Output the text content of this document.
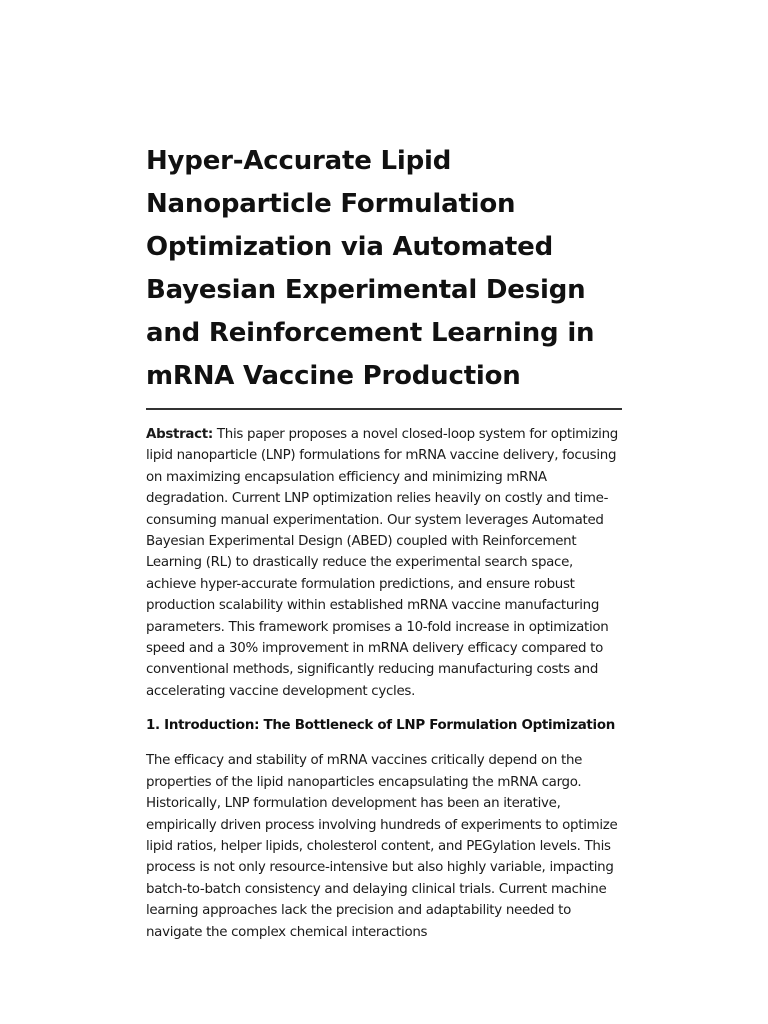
Hyper-Accurate Lipid Nanoparticle Formulation Optimization via Automated Bayesian Experimental Design and Reinforcement Learning in mRNA Vaccine Production

Abstract: This paper proposes a novel closed-loop system for optimizing lipid nanoparticle (LNP) formulations for mRNA vaccine delivery, focusing on maximizing encapsulation efficiency and minimizing mRNA degradation. Current LNP optimization relies heavily on costly and time-consuming manual experimentation. Our system leverages Automated Bayesian Experimental Design (ABED) coupled with Reinforcement Learning (RL) to drastically reduce the experimental search space, achieve hyper-accurate formulation predictions, and ensure robust production scalability within established mRNA vaccine manufacturing parameters. This framework promises a 10-fold increase in optimization speed and a 30% improvement in mRNA delivery efficacy compared to conventional methods, significantly reducing manufacturing costs and accelerating vaccine development cycles.

1. Introduction: The Bottleneck of LNP Formulation Optimization

The efficacy and stability of mRNA vaccines critically depend on the properties of the lipid nanoparticles encapsulating the mRNA cargo. Historically, LNP formulation development has been an iterative, empirically driven process involving hundreds of experiments to optimize lipid ratios, helper lipids, cholesterol content, and PEGylation levels. This process is not only resource-intensive but also highly variable, impacting batch-to-batch consistency and delaying clinical trials. Current machine learning approaches lack the precision and adaptability needed to navigate the complex chemical interactions
